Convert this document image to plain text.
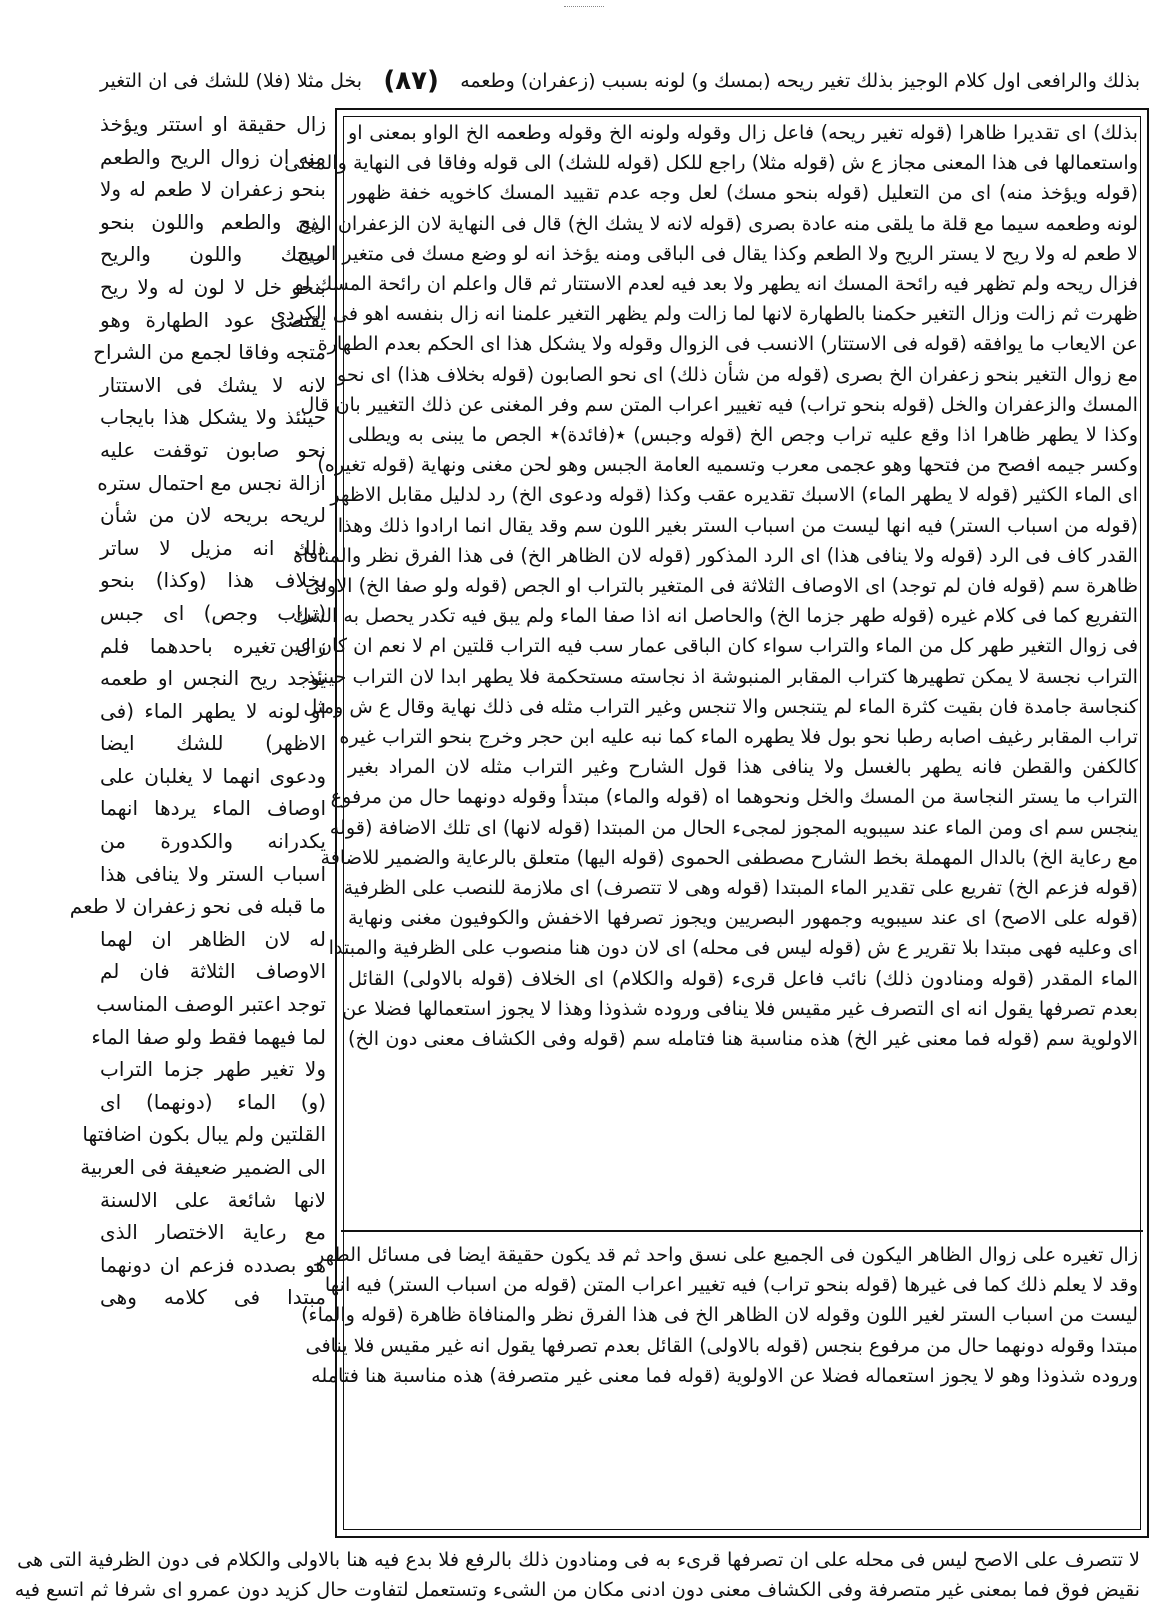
بذلك والرافعی اول کلام الوجیز بذلك تغیر ریحه (بمسك و) لونه بسبب (زعفران) وطعمه
(٨٧)
بخل مثلا (فلا) للشك فی ان التغیر

بذلك) ای تقدیرا ظاهرا (قوله تغیر ریحه) فاعل زال وقوله ولونه الخ وقوله وطعمه الخ الواو بمعنی او

واستعمالها فی هذا المعنی مجاز ع ش (قوله مثلا) راجع للکل (قوله للشك) الی قوله وفاقا فی النهایة والمغنی

(قوله ویؤخذ منه) ای من التعلیل (قوله بنحو مسك) لعل وجه عدم تقیید المسك کاخویه خفة ظهور

لونه وطعمه سیما مع قلة ما یلقی منه عادة بصری (قوله لانه لا یشك الخ) قال فی النهایة لان الزعفران الذی

لا طعم له ولا ریح لا یستر الریح ولا الطعم وکذا یقال فی الباقی ومنه یؤخذ انه لو وضع مسك فی متغیر الریح

فزال ریحه ولم تظهر فیه رائحة المسك انه یطهر ولا بعد فیه لعدم الاستتار ثم قال واعلم ان رائحة المسك لو

ظهرت ثم زالت وزال التغیر حکمنا بالطهارة لانها لما زالت ولم یظهر التغیر علمنا انه زال بنفسه اهو فی الکردی

عن الایعاب ما یوافقه (قوله فی الاستتار) الانسب فی الزوال وقوله ولا یشکل هذا ای الحکم بعدم الطهارة

مع زوال التغیر بنحو زعفران الخ بصری (قوله من شأن ذلك) ای نحو الصابون (قوله بخلاف هذا) ای نحو

المسك والزعفران والخل (قوله بنحو تراب) فیه تغییر اعراب المتن سم وفر المغنی عن ذلك التغییر بان قال

وکذا لا یطهر ظاهرا اذا وقع علیه تراب وجص الخ (قوله وجبس) ٭(فائدة)٭ الجص ما یبنی به ویطلی

وکسر جیمه افصح من فتحها وهو عجمی معرب وتسمیه العامة الجبس وهو لحن مغنی ونهایة (قوله تغیره)

ای الماء الکثیر (قوله لا یطهر الماء) الاسبك تقدیره عقب وکذا (قوله ودعوی الخ) رد لدلیل مقابل الاظهر

(قوله من اسباب الستر) فیه انها لیست من اسباب الستر بغیر اللون سم وقد یقال انما ارادوا ذلك وهذا

القدر کاف فی الرد (قوله ولا ینافی هذا) ای الرد المذکور (قوله لان الظاهر الخ) فی هذا الفرق نظر والمنافاة

ظاهرة سم (قوله فان لم توجد) ای الاوصاف الثلاثة فی المتغیر بالتراب او الجص (قوله ولو صفا الخ) الاولی

التفریع کما فی کلام غیره (قوله طهر جزما الخ) والحاصل انه اذا صفا الماء ولم یبق فیه تکدر یحصل به الشك

فی زوال التغیر طهر کل من الماء والتراب سواء کان الباقی عمار سب فیه التراب قلتین ام لا نعم ان کان عین

التراب نجسة لا یمکن تطهیرها کتراب المقابر المنبوشة اذ نجاسته مستحکمة فلا یطهر ابدا لان التراب حینئذ

کنجاسة جامدة فان بقیت کثرة الماء لم یتنجس والا تنجس وغیر التراب مثله فی ذلك نهایة وقال ع ش ومثل

تراب المقابر رغیف اصابه رطبا نحو بول فلا یطهره الماء کما نبه علیه ابن حجر وخرج بنحو التراب غیره

کالکفن والقطن فانه یطهر بالغسل ولا ینافی هذا قول الشارح وغیر التراب مثله لان المراد بغیر

التراب ما یستر النجاسة من المسك والخل ونحوهما اه (قوله والماء) مبتدأ وقوله دونهما حال من مرفوع

ینجس سم ای ومن الماء عند سیبویه المجوز لمجیء الحال من المبتدا (قوله لانها) ای تلك الاضافة (قوله

مع رعایة الخ) بالدال المهملة بخط الشارح مصطفی الحموی (قوله الیها) متعلق بالرعایة والضمیر للاضافة

(قوله فزعم الخ) تفریع علی تقدیر الماء المبتدا (قوله وهی لا تتصرف) ای ملازمة للنصب علی الظرفیة

(قوله علی الاصح) ای عند سیبویه وجمهور البصریین ویجوز تصرفها الاخفش والکوفیون مغنی ونهایة

ای وعلیه فهی مبتدا بلا تقریر ع ش (قوله لیس فی محله) ای لان دون هنا منصوب علی الظرفیة والمبتدا

الماء المقدر (قوله ومنادون ذلك) نائب فاعل قریء (قوله والکلام) ای الخلاف (قوله بالاولی) القائل

بعدم تصرفها یقول انه ای التصرف غیر مقیس فلا ینافی وروده شذوذا وهذا لا یجوز استعمالها فضلا عن

الاولویة سم (قوله فما معنی غیر الخ) هذه مناسبة هنا فتامله سم (قوله وفی الکشاف معنی دون الخ)

زال تغیره علی زوال الظاهر الیکون فی الجمیع علی نسق واحد ثم قد یکون حقیقة ایضا فی مسائل الطهر

وقد لا یعلم ذلك کما فی غیرها (قوله بنحو تراب) فیه تغییر اعراب المتن (قوله من اسباب الستر) فیه انها

لیست من اسباب الستر لغیر اللون وقوله لان الظاهر الخ فی هذا الفرق نظر والمنافاة ظاهرة (قوله والماء)

مبتدا وقوله دونهما حال من مرفوع بنجس (قوله بالاولی) القائل بعدم تصرفها یقول انه غیر مقیس فلا ینافی

وروده شذوذا وهو لا یجوز استعماله فضلا عن الاولویة (قوله فما معنی غیر متصرفة) هذه مناسبة هنا فتامله

زال حقیقة او استتر ویؤخذ

منه ان زوال الریح والطعم

بنحو زعفران لا طعم له ولا

ریح والطعم واللون بنحو

مسك واللون والریح

بنحو خل لا لون له ولا ریح

یقتضی عود الطهارة وهو

متجه وفاقا لجمع من الشراح

لانه لا یشك فی الاستتار

حینئذ ولا یشکل هذا بایجاب

نحو صابون توقفت علیه

ازالة نجس مع احتمال ستره

لریحه بریحه لان من شأن

ذلك انه مزیل لا ساتر

بخلاف هذا (وکذا) بنحو

(تراب وجص) ای جبس

زال تغیره باحدهما فلم

یوجد ریح النجس او طعمه

او لونه لا یطهر الماء (فی

الاظهر) للشك ایضا

ودعوی انهما لا یغلبان علی

اوصاف الماء یردها انهما

یکدرانه والکدورة من

اسباب الستر ولا ینافی هذا

ما قبله فی نحو زعفران لا طعم

له لان الظاهر ان لهما

الاوصاف الثلاثة فان لم

توجد اعتبر الوصف المناسب

لما فیهما فقط ولو صفا الماء

ولا تغیر طهر جزما التراب

(و) الماء (دونهما) ای

القلتین ولم یبال بکون اضافتها

الی الضمیر ضعیفة فی العربیة

لانها شائعة علی الالسنة

مع رعایة الاختصار الذی

هو بصدده فزعم ان دونهما

مبتدا فی کلامه وهی

لا تتصرف علی الاصح لیس فی محله علی ان تصرفها قریء به فی ومنادون ذلك بالرفع فلا بدع فیه هنا بالاولی والکلام فی دون الظرفیة التی هی

نقیض فوق فما بمعنی غیر متصرفة وفی الکشاف معنی دون ادنی مکان من الشیء وتستعمل لتفاوت حال کزید دون عمرو ای شرفا ثم اتسع فیه
